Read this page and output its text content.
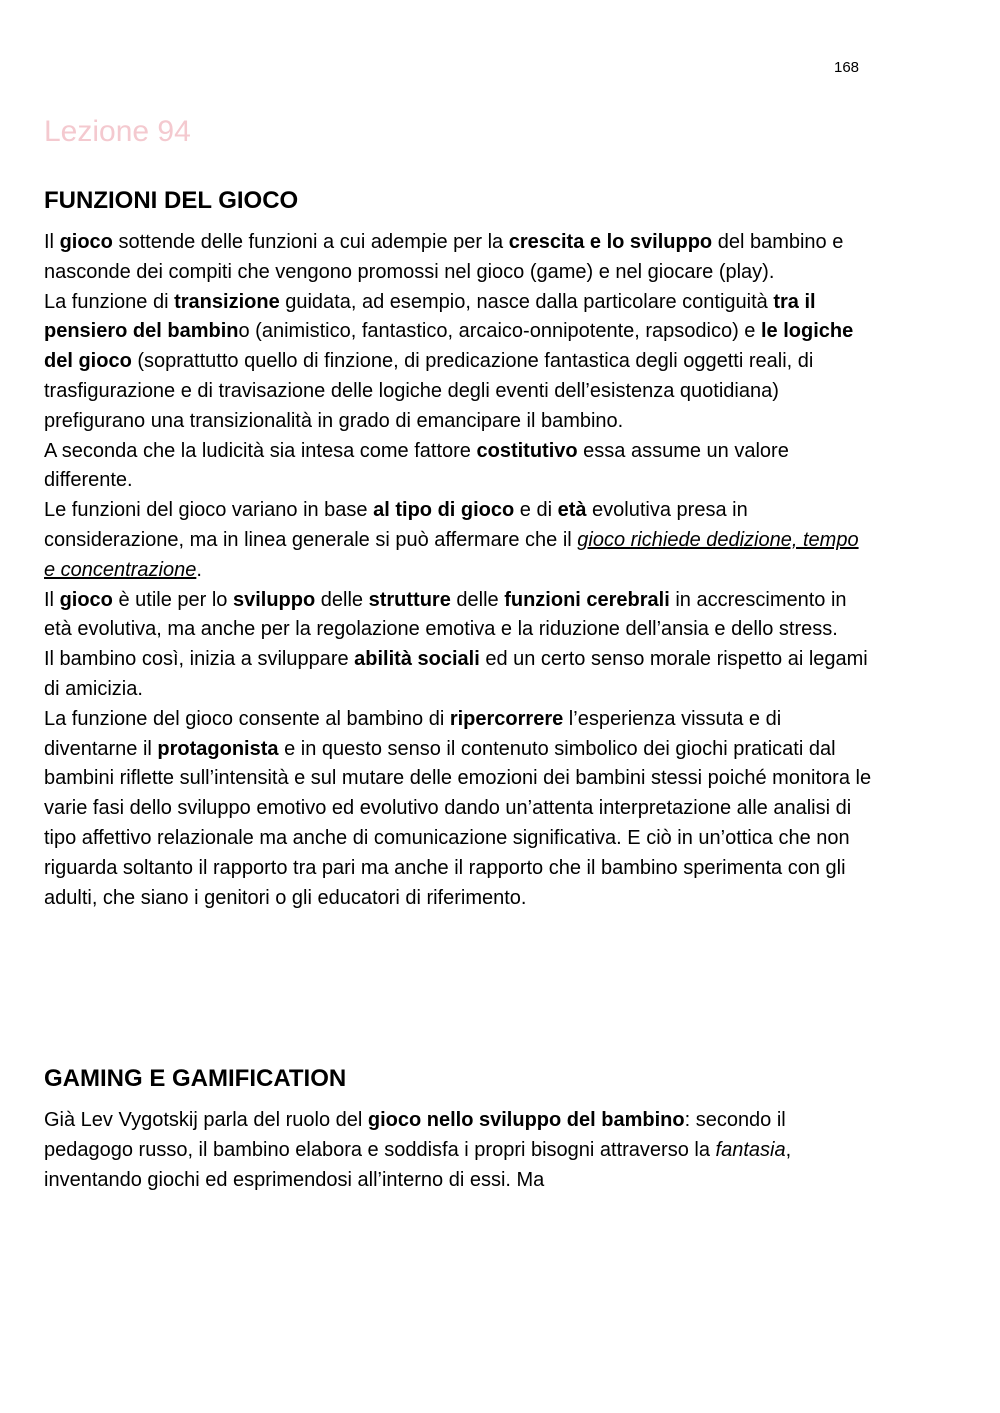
168
Lezione 94
FUNZIONI DEL GIOCO

Il gioco sottende delle funzioni a cui adempie per la crescita e lo sviluppo del bambino e nasconde dei compiti che vengono promossi nel gioco (game) e nel giocare (play).

La funzione di transizione guidata, ad esempio, nasce dalla particolare contiguità tra il pensiero del bambino (animistico, fantastico, arcaico-onnipotente, rapsodico) e le logiche del gioco (soprattutto quello di finzione, di predicazione fantastica degli oggetti reali, di trasfigurazione e di travisazione delle logiche degli eventi dell’esistenza quotidiana) prefigurano una transizionalità in grado di emancipare il bambino.

A seconda che la ludicità sia intesa come fattore costitutivo essa assume un valore differente.

Le funzioni del gioco variano in base al tipo di gioco e di età evolutiva presa in considerazione, ma in linea generale si può affermare che il gioco richiede dedizione, tempo e concentrazione.

Il gioco è utile per lo sviluppo delle strutture delle funzioni cerebrali in accrescimento in età evolutiva, ma anche per la regolazione emotiva e la riduzione dell’ansia e dello stress.

Il bambino così, inizia a sviluppare abilità sociali ed un certo senso morale rispetto ai legami di amicizia.

La funzione del gioco consente al bambino di ripercorrere l’esperienza vissuta e di diventarne il protagonista e in questo senso il contenuto simbolico dei giochi praticati dal bambini riflette sull’intensità e sul mutare delle emozioni dei bambini stessi poiché monitora le varie fasi dello sviluppo emotivo ed evolutivo dando un’attenta interpretazione alle analisi di tipo affettivo relazionale ma anche di comunicazione significativa. E ciò in un’ottica che non riguarda soltanto il rapporto tra pari ma anche il rapporto che il bambino sperimenta con gli adulti, che siano i genitori o gli educatori di riferimento.

GAMING E GAMIFICATION

Già Lev Vygotskij parla del ruolo del gioco nello sviluppo del bambino: secondo il pedagogo russo, il bambino elabora e soddisfa i propri bisogni attraverso la fantasia, inventando giochi ed esprimendosi all’interno di essi. Ma
